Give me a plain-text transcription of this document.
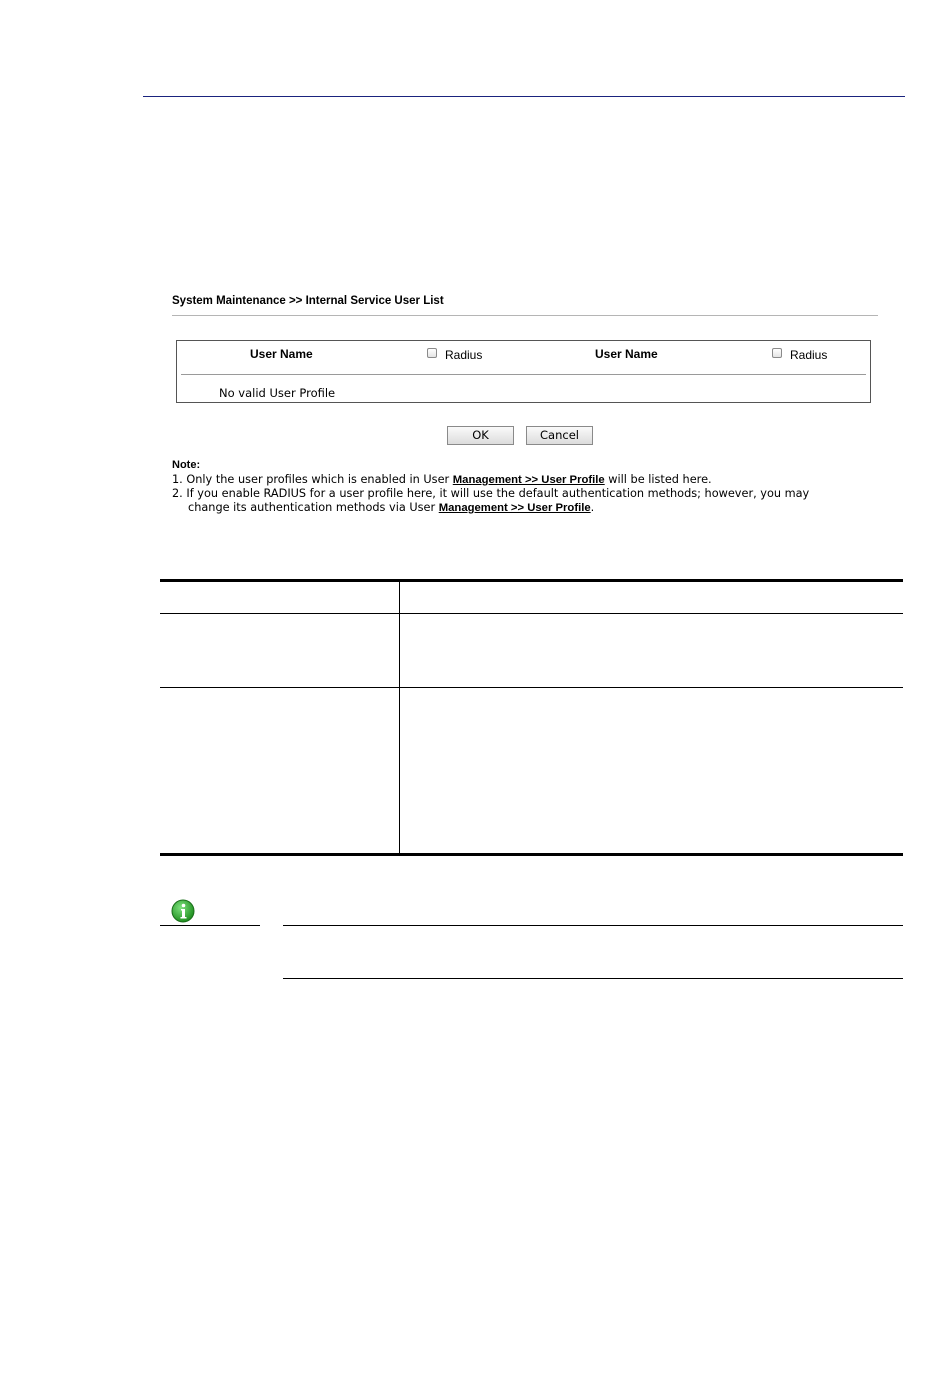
System Maintenance >> Internal Service User List
User Name	Radius	User Name	Radius
No valid User Profile
OK	Cancel
Note:
1. Only the user profiles which is enabled in User Management >> User Profile will be listed here.
2. If you enable RADIUS for a user profile here, it will use the default authentication methods; however, you may
change its authentication methods via User Management >> User Profile.
